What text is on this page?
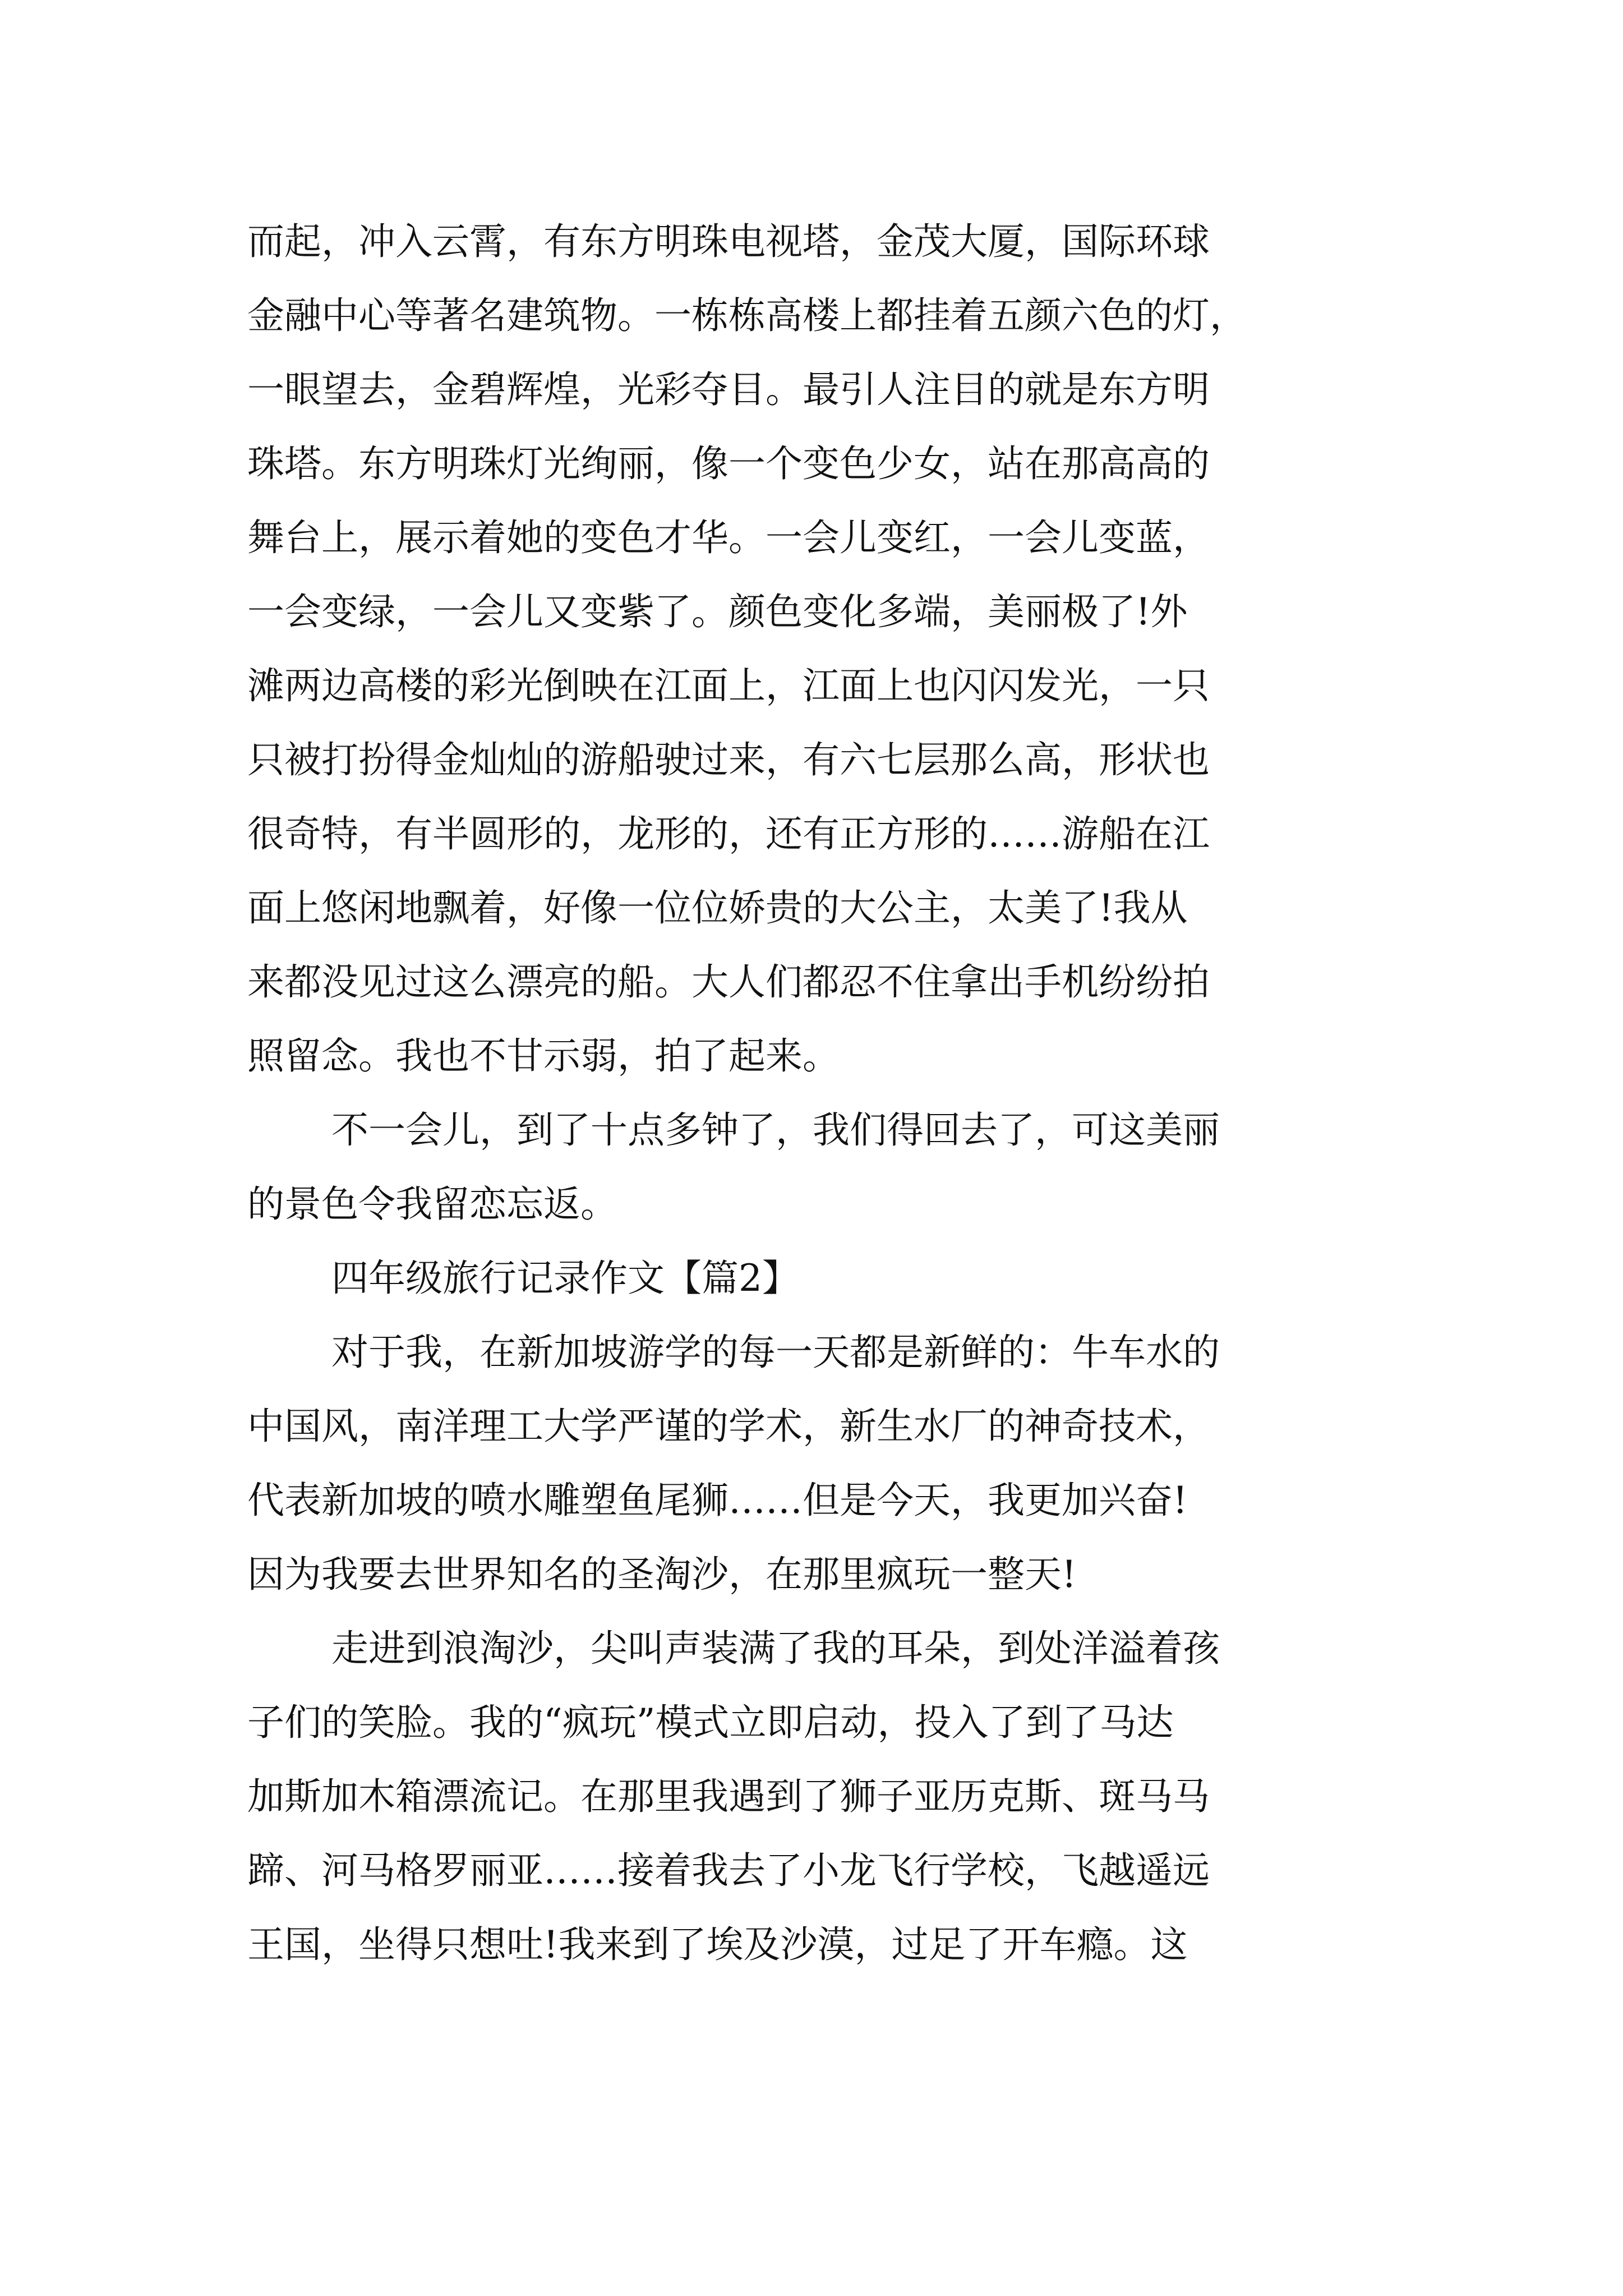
而起，冲入云霄，有东方明珠电视塔，金茂大厦，国际环球
金融中心等著名建筑物。一栋栋高楼上都挂着五颜六色的灯，
一眼望去，金碧辉煌，光彩夺目。最引人注目的就是东方明
珠塔。东方明珠灯光绚丽，像一个变色少女，站在那高高的
舞台上，展示着她的变色才华。一会儿变红，一会儿变蓝，
一会变绿，一会儿又变紫了。颜色变化多端，美丽极了!外
滩两边高楼的彩光倒映在江面上，江面上也闪闪发光，一只
只被打扮得金灿灿的游船驶过来，有六七层那么高，形状也
很奇特，有半圆形的，龙形的，还有正方形的……游船在江
面上悠闲地飘着，好像一位位娇贵的大公主，太美了!我从
来都没见过这么漂亮的船。大人们都忍不住拿出手机纷纷拍
照留念。我也不甘示弱，拍了起来。
不一会儿，到了十点多钟了，我们得回去了，可这美丽
的景色令我留恋忘返。
四年级旅行记录作文【篇2】
对于我，在新加坡游学的每一天都是新鲜的：牛车水的
中国风，南洋理工大学严谨的学术，新生水厂的神奇技术，
代表新加坡的喷水雕塑鱼尾狮……但是今天，我更加兴奋!
因为我要去世界知名的圣淘沙，在那里疯玩一整天!
走进到浪淘沙，尖叫声装满了我的耳朵，到处洋溢着孩
子们的笑脸。我的“疯玩”模式立即启动，投入了到了马达
加斯加木箱漂流记。在那里我遇到了狮子亚历克斯、斑马马
蹄、河马格罗丽亚……接着我去了小龙飞行学校，飞越遥远
王国，坐得只想吐!我来到了埃及沙漠，过足了开车瘾。这
